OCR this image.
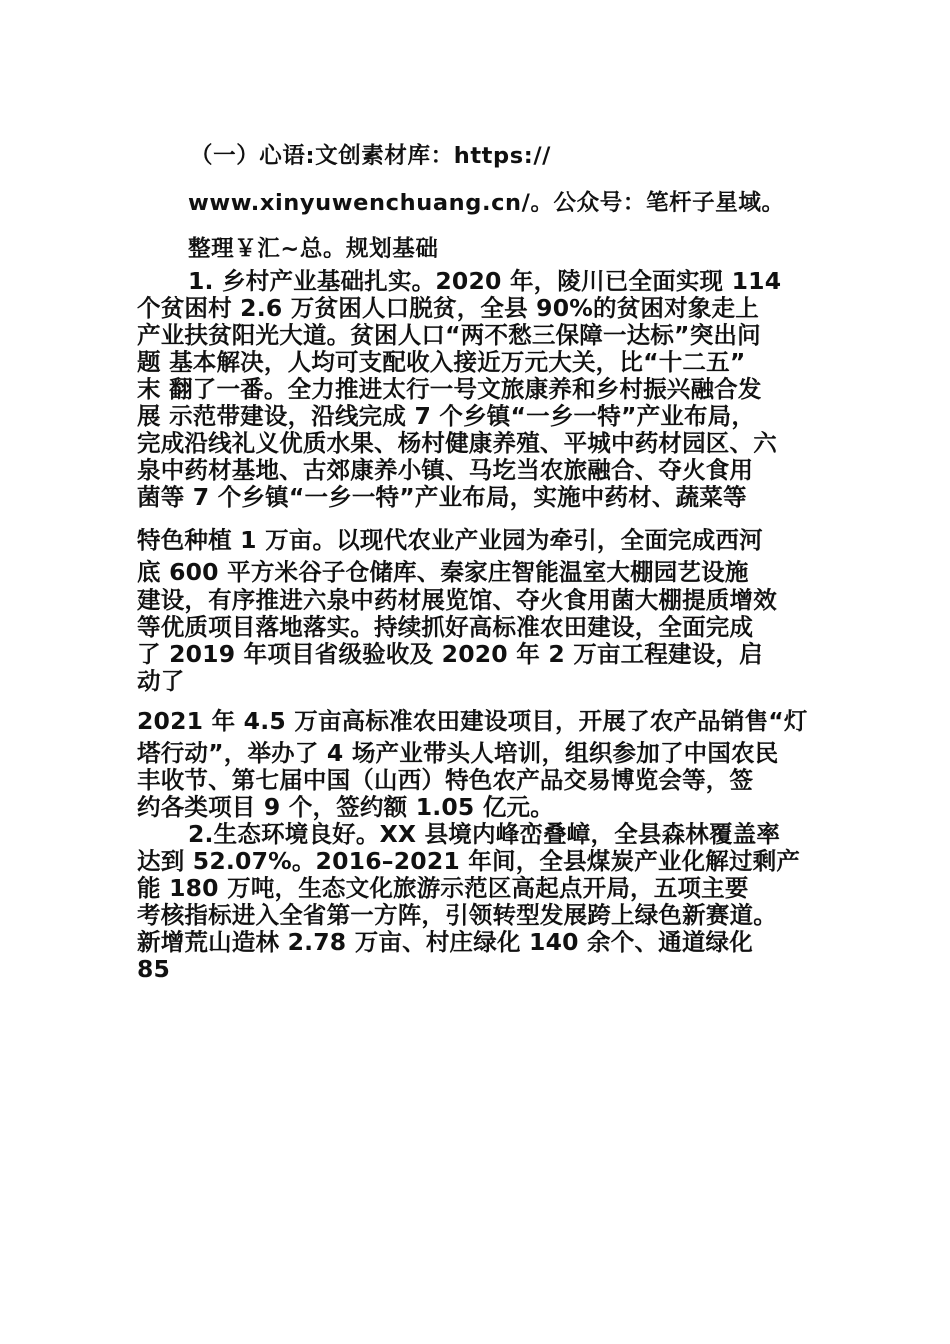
（一）心语:文创素材库：https://
www.xinyuwenchuang.cn/。公众号：笔杆子星域。
整理￥汇~总。规划基础
1. 乡村产业基础扎实。2020 年，陵川已全面实现 114
个贫困村 2.6 万贫困人口脱贫，全县 90%的贫困对象走上
产业扶贫阳光大道。贫困人口“两不愁三保障一达标”突出问
题 基本解决，人均可支配收入接近万元大关，比“十二五”
末 翻了一番。全力推进太行一号文旅康养和乡村振兴融合发
展 示范带建设，沿线完成 7 个乡镇“一乡一特”产业布局，
完成沿线礼义优质水果、杨村健康养殖、平城中药材园区、六
泉中药材基地、古郊康养小镇、马圪当农旅融合、夺火食用
菌等 7 个乡镇“一乡一特”产业布局，实施中药材、蔬菜等
特色种植 1 万亩。以现代农业产业园为牵引，全面完成西河
底 600 平方米谷子仓储库、秦家庄智能温室大棚园艺设施
建设，有序推进六泉中药材展览馆、夺火食用菌大棚提质增效
等优质项目落地落实。持续抓好高标准农田建设，全面完成
了 2019 年项目省级验收及 2020 年 2 万亩工程建设，启
动了
2021 年 4.5 万亩高标准农田建设项目，开展了农产品销售“灯
塔行动”，举办了 4 场产业带头人培训，组织参加了中国农民
丰收节、第七届中国（山西）特色农产品交易博览会等，签
约各类项目 9 个，签约额 1.05 亿元。
2.生态环境良好。XX 县境内峰峦叠嶂，全县森林覆盖率
达到 52.07%。2016–2021 年间，全县煤炭产业化解过剩产
能 180 万吨，生态文化旅游示范区高起点开局，五项主要
考核指标进入全省第一方阵，引领转型发展跨上绿色新赛道。
新增荒山造林 2.78 万亩、村庄绿化 140 余个、通道绿化
85
